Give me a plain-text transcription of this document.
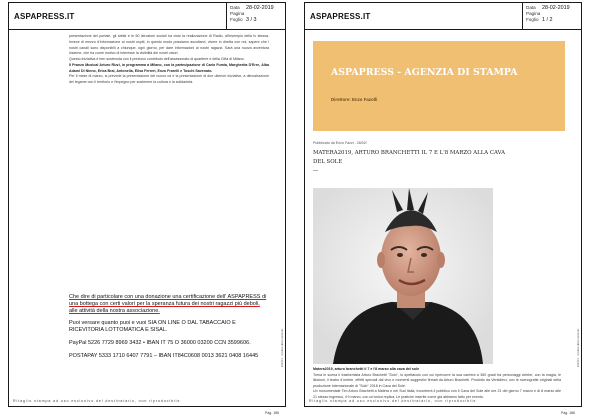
ASPAPRESS.IT
Data	28-02-2019
Pagina
Foglio 3 / 3

presentazione del portale, gli artisti e le 60 istruzioni sociali ha visto la realizzazione di Radio, all'esempio della tv stessa, Invece di mezzo d'informazione ai nostri ospiti, in questo modo possiamo ascoltarvi, vivere in diretta con noi, sapere che i nostri canali sono disponibili a chiunque, ogni giorno, per dare informazioni ai nostri ragazzi. Sarà una nuova avventura insieme, che ha come motivo di interesse la visibilità dei nostri valori.

Questo iniziativa è ben sostenuta con il prezioso contributo dell'assessorato di quartiere e della Città di Milano.

Il Pranzo Musical Arturo Rizzi, in programma a Milano, con la partecipazione di Carlo Fumia, Margherita D'Erre, Alba Adami Di Ninno, Erica Brai, Antonella, Elisa Ferreri, Enzo Frarelli e Toschi Savenato.

Per il mese di marzo, si prevede la presentazione del nuovo cd e la presentazione di due ulteriori iniziative, a dimostrazione del legame con il territorio e l'impegno per sostenere la cultura e la solidarietà.

Che dire di particolare con una donazione una certificazione dell' ASPAPRESS di una bottega con certi valori per la speranza futura dei nostri ragazzi più deboli, alle attività della nostra associazione.

Puoi versare quanto puoi e vuoi SIA ON LINE O DAL TABACCAIO E RICEVITORIA LOTTOMATICA E SISAL.

PayPal 5226 7729 8969 3432 • IBAN IT 75 O 36000 03200 CCN 3599606.

POSTAPAY 5333 1710 6407 7791 – IBAN IT84C0608 0013 3621 0408 16445

Codice abbonamento:
103371
Ritaglio stampa ad uso esclusivo del destinatario, non riproducibile.
Pag. 185
ASPAPRESS.IT
Data	28-02-2019
Pagina
Foglio 1 / 2
ASPAPRESS - AGENZIA DI STAMPA
Direttore: Enzo Fazolli
Pubblicato da Enzo Fazzi - 28/02/
MATERA2019, ARTURO BRANCHETTI IL 7 E L'8 MARZO ALLA CAVA DEL SOLE
—

Matera2019, arturo branchetti il 7 e l'8 marzo alla cava del sole

Torna in scena il trasformista Arturo Brachetti "Solo", lo spettacolo con cui ripercorre la sua carriera a 360 gradi tra personaggi celebri, con la magia, le illusioni, il teatro d'ombre, effetti speciali dal vivo e momenti suggestivi firmati da Arturo Brachetti. Prodotto da Ventidieci, con le scenografie originali della produzione internazionale di "Solo" 2018 in Cava del Sole.

Un monumentale Tim Arturo Brachetti a Matera e nel Sud Italia, incontrerà il pubblico con il Cava del Sole alle ore 21 del giorno 7 marzo e di 8 marzo alle 21 stesso ingresso, il 9 marzo, con un'unica replica. Le pratiche inserite come già abbiamo fatto per evento.

Codice abbonamento:
103371
Ritaglio stampa ad uso esclusivo del destinatario, non riproducibile.
Pag. 186
